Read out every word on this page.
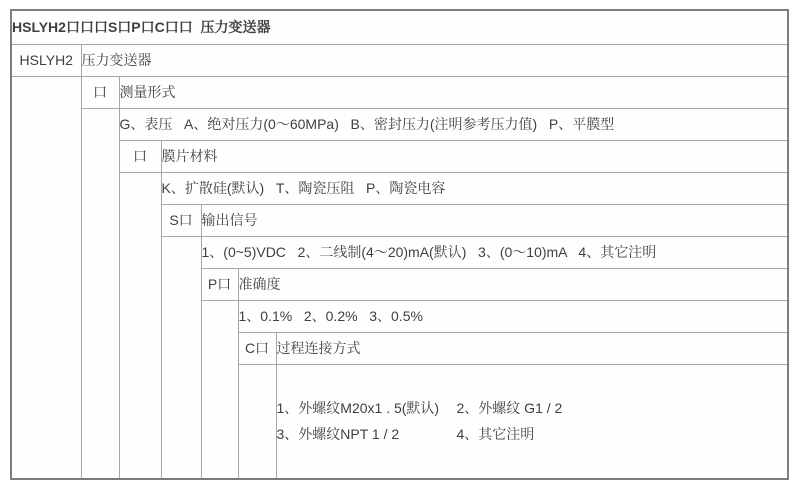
HSLYH2口口口S口P口C口口  压力变送器						
HSLYH2	压力变送器					
	口	测量形式				
		G、表压   A、绝对压力(0～60MPa)   B、密封压力(注明参考压力值)   P、平膜型				
		口	膜片材料			
			K、扩散硅(默认)   T、陶瓷压阻   P、陶瓷电容			
			S口	输出信号		
				1、(0~5)VDC   2、二线制(4～20)mA(默认)   3、(0～10)mA   4、其它注明		
				P口	准确度	
					1、0.1%   2、0.2%   3、0.5%	
					C口	过程连接方式

						1、外螺纹M20x1 . 5(默认) 2、外螺纹 G1 / 2
3、外螺纹NPT 1 / 2 4、其它注明
